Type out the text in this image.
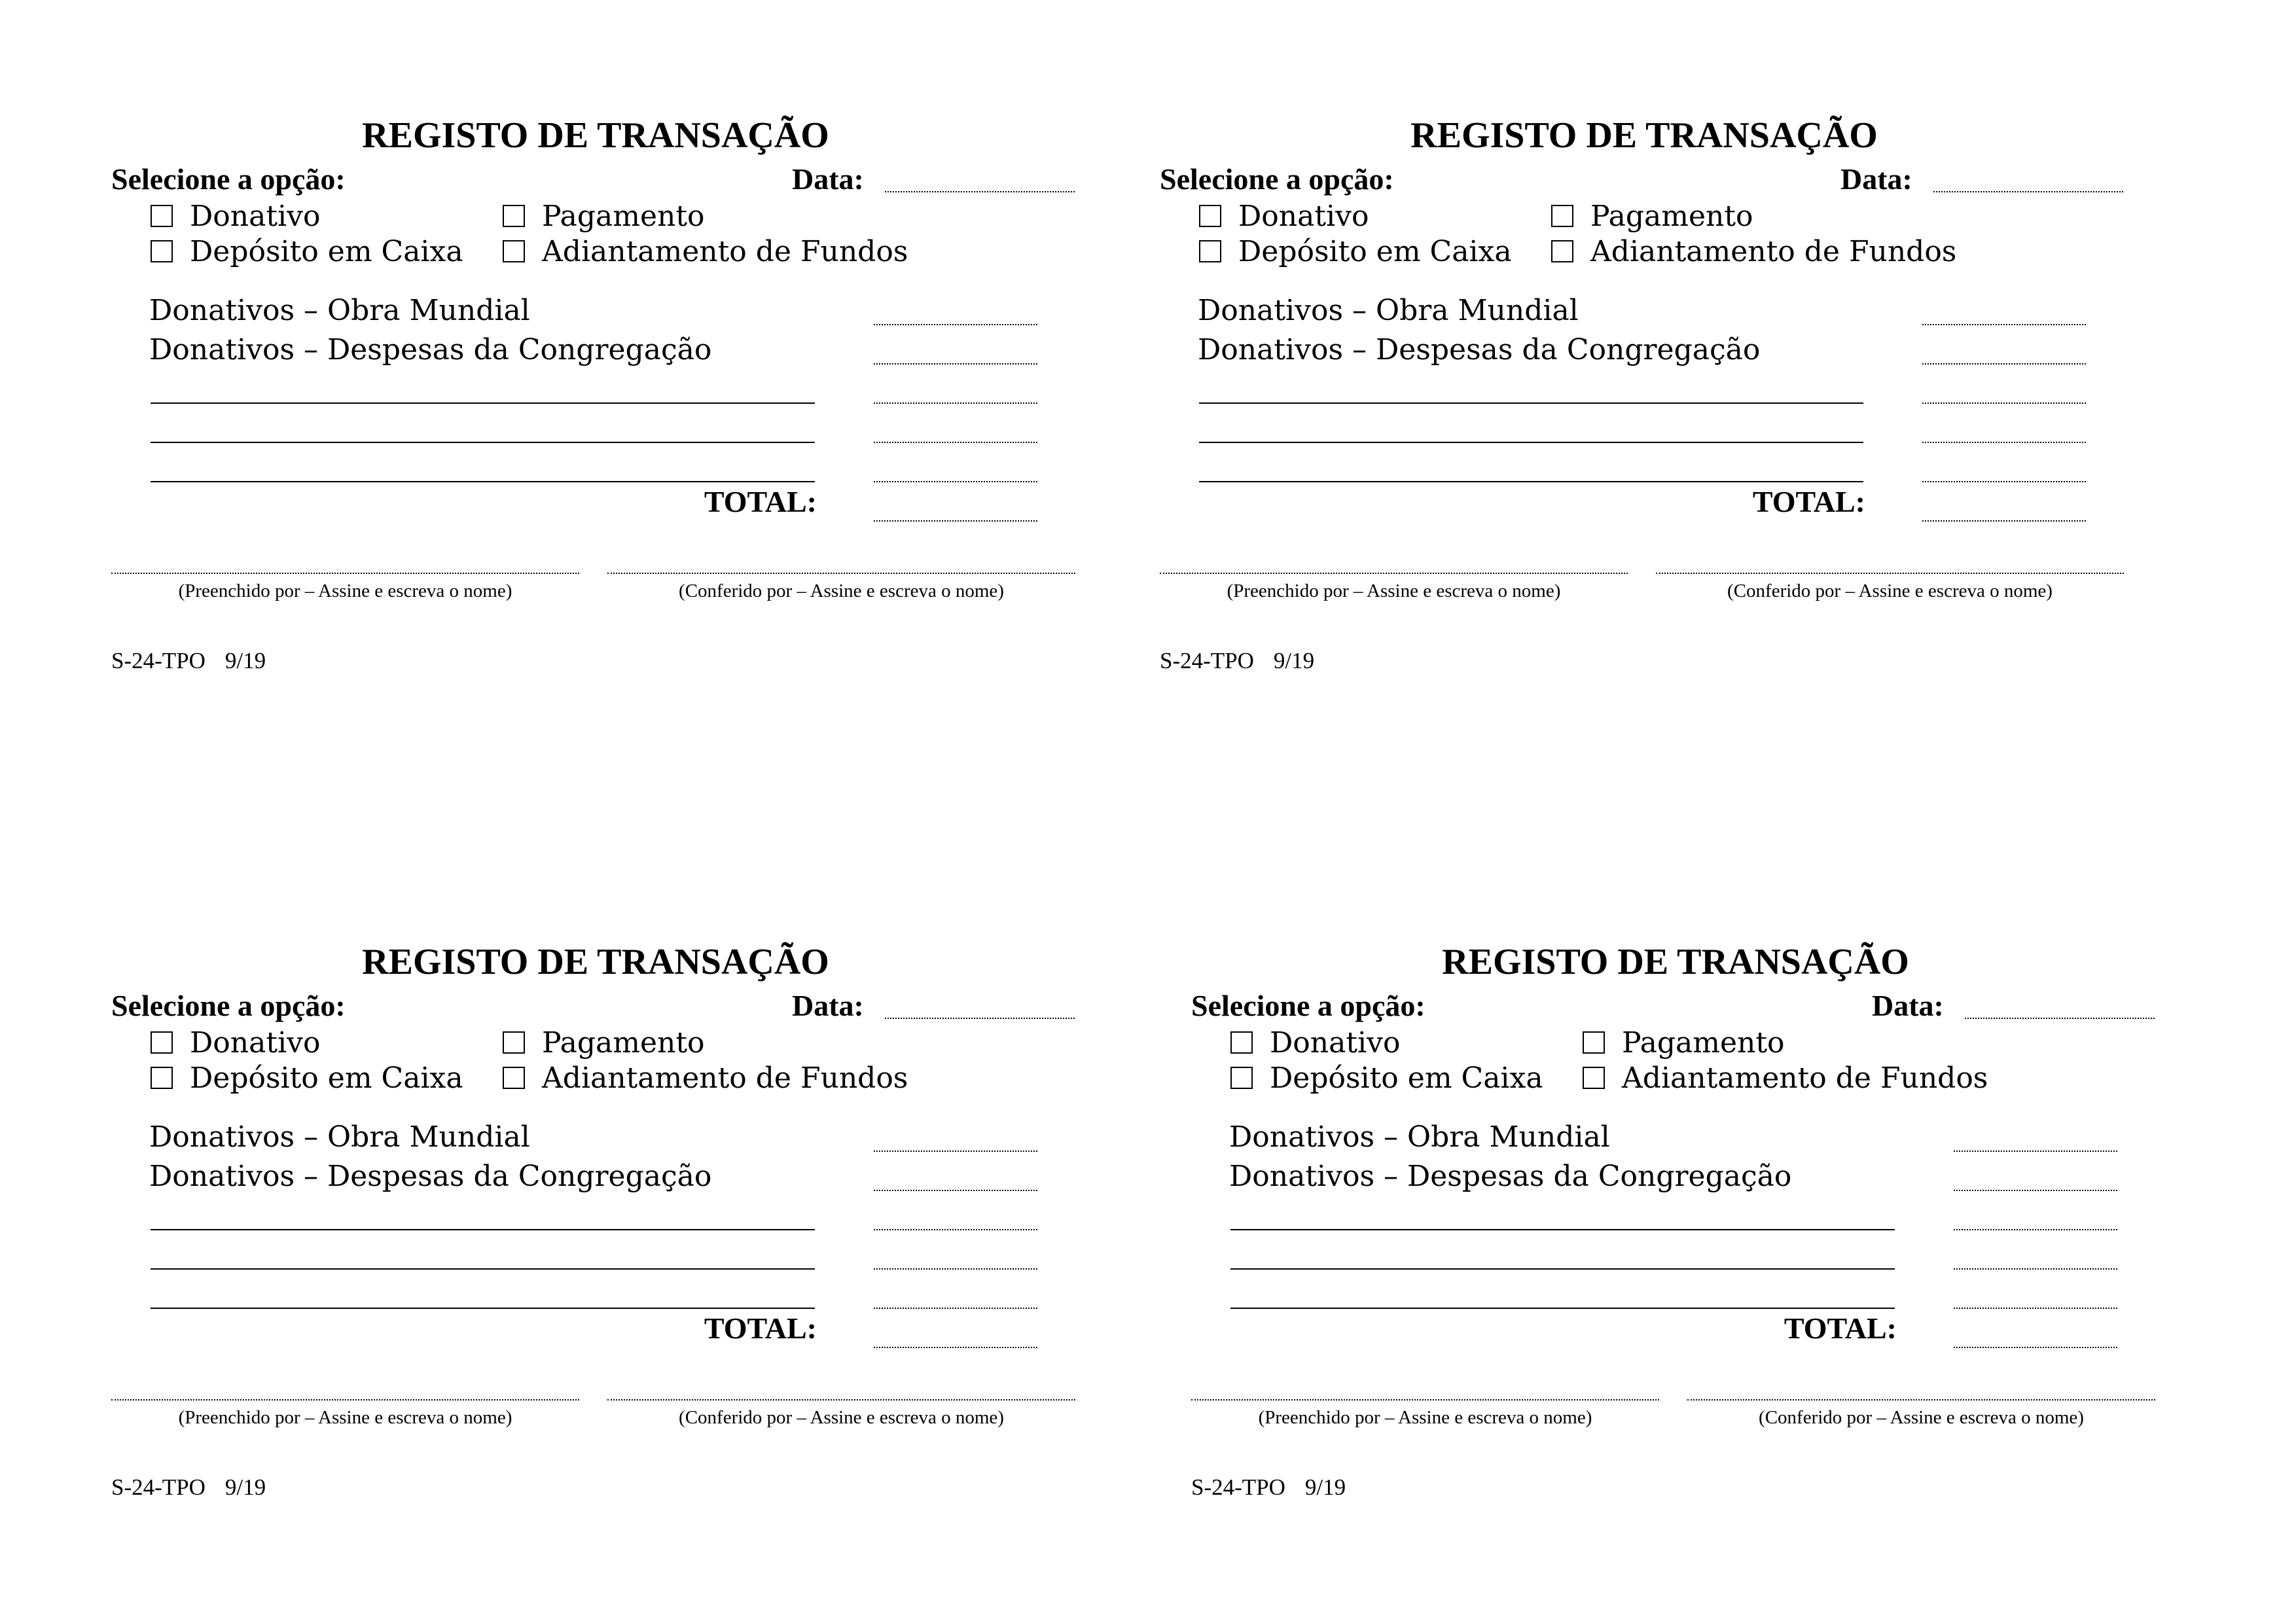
REGISTO DE TRANSAÇÃO
Selecione a opção:	Data:
Donativo	Pagamento
Depósito em Caixa	Adiantamento de Fundos
Donativos – Obra Mundial
Donativos – Despesas da Congregação
TOTAL:
(Preenchido por – Assine e escreva o nome)	(Conferido por – Assine e escreva o nome)
S-24-TPO 9/19
REGISTO DE TRANSAÇÃO
Selecione a opção:	Data:
Donativo	Pagamento
Depósito em Caixa	Adiantamento de Fundos
Donativos – Obra Mundial
Donativos – Despesas da Congregação
TOTAL:
(Preenchido por – Assine e escreva o nome)	(Conferido por – Assine e escreva o nome)
S-24-TPO 9/19
REGISTO DE TRANSAÇÃO
Selecione a opção:	Data:
Donativo	Pagamento
Depósito em Caixa	Adiantamento de Fundos
Donativos – Obra Mundial
Donativos – Despesas da Congregação
TOTAL:
(Preenchido por – Assine e escreva o nome)	(Conferido por – Assine e escreva o nome)
S-24-TPO 9/19
REGISTO DE TRANSAÇÃO
Selecione a opção:	Data:
Donativo	Pagamento
Depósito em Caixa	Adiantamento de Fundos
Donativos – Obra Mundial
Donativos – Despesas da Congregação
TOTAL:
(Preenchido por – Assine e escreva o nome)	(Conferido por – Assine e escreva o nome)
S-24-TPO 9/19
